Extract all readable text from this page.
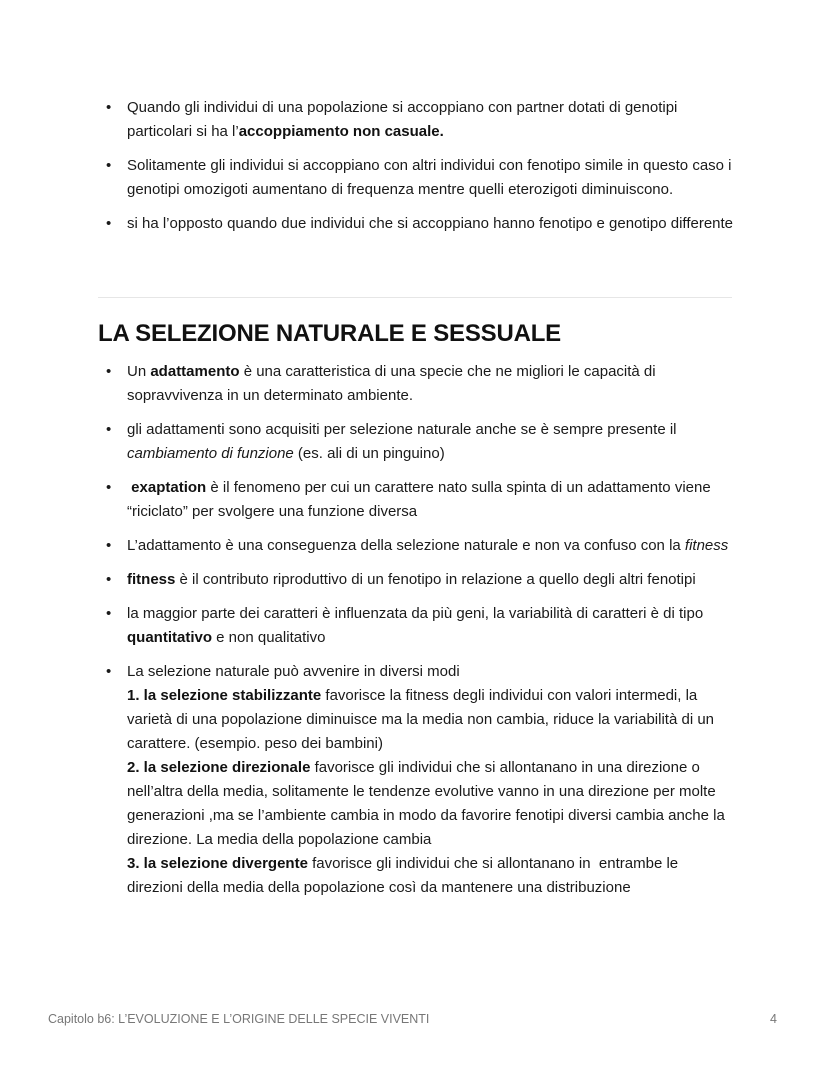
• Quando gli individui di una popolazione si accoppiano con partner dotati di genotipi particolari si ha l’accoppiamento non casuale.
• Solitamente gli individui si accoppiano con altri individui con fenotipo simile in questo caso i genotipi omozigoti aumentano di frequenza mentre quelli eterozigoti diminuiscono.
• si ha l’opposto quando due individui che si accoppiano hanno fenotipo e genotipo differente
LA SELEZIONE NATURALE E SESSUALE
• Un adattamento è una caratteristica di una specie che ne migliori le capacità di sopravvivenza in un determinato ambiente.
• gli adattamenti sono acquisiti per selezione naturale anche se è sempre presente il cambiamento di funzione (es. ali di un pinguino)
• exaptation è il fenomeno per cui un carattere nato sulla spinta di un adattamento viene “riciclato” per svolgere una funzione diversa
• L’adattamento è una conseguenza della selezione naturale e non va confuso con la fitness
• fitness è il contributo riproduttivo di un fenotipo in relazione a quello degli altri fenotipi
• la maggior parte dei caratteri è influenzata da più geni, la variabilità di caratteri è di tipo quantitativo e non qualitativo
• La selezione naturale può avvenire in diversi modi
1. la selezione stabilizzante favorisce la fitness degli individui con valori intermedi, la varietà di una popolazione diminuisce ma la media non cambia, riduce la variabilità di un carattere. (esempio. peso dei bambini)
2. la selezione direzionale favorisce gli individui che si allontanano in una direzione o nell’altra della media, solitamente le tendenze evolutive vanno in una direzione per molte generazioni ,ma se l’ambiente cambia in modo da favorire fenotipi diversi cambia anche la direzione. La media della popolazione cambia
3. la selezione divergente favorisce gli individui che si allontanano in  entrambe le direzioni della media della popolazione così da mantenere una distribuzione
Capitolo b6: L’EVOLUZIONE E L’ORIGINE DELLE SPECIE VIVENTI	4
